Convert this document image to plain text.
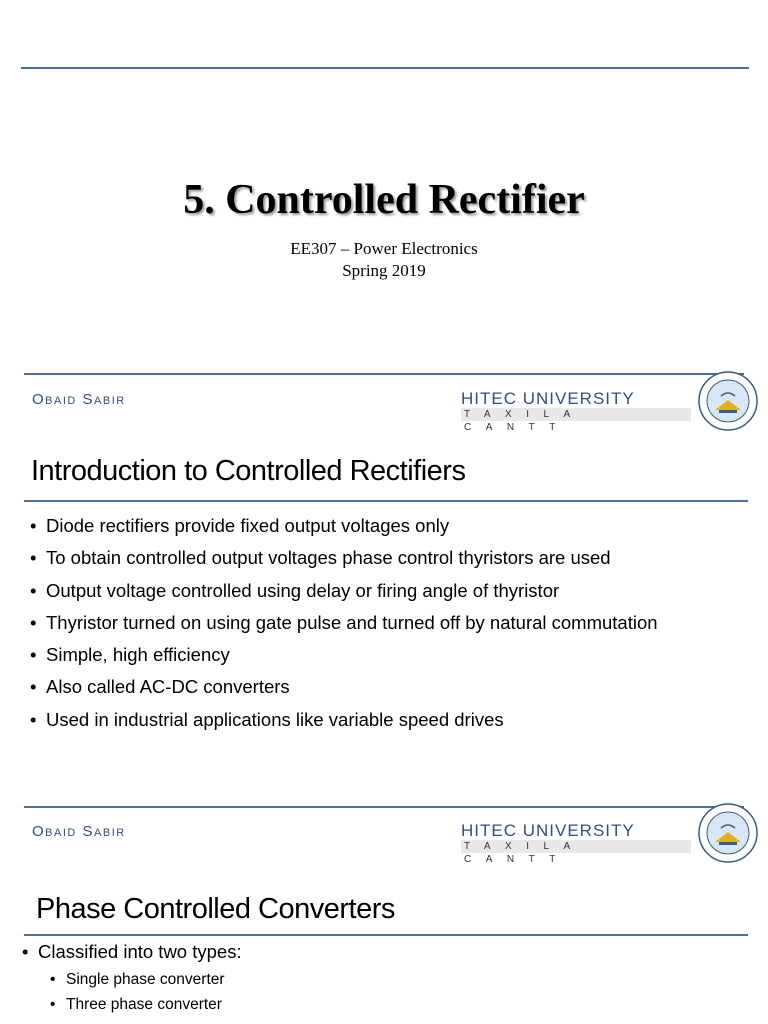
5. Controlled Rectifier
EE307 – Power Electronics
Spring 2019
Obaid Sabir	HITEC UNIVERSITY
TAXILA CANTT
Introduction to Controlled Rectifiers
• Diode rectifiers provide fixed output voltages only
• To obtain controlled output voltages phase control thyristors are used
• Output voltage controlled using delay or firing angle of thyristor
• Thyristor turned on using gate pulse and turned off by natural commutation
• Simple, high efficiency
• Also called AC-DC converters
• Used in industrial applications like variable speed drives
Obaid Sabir	HITEC UNIVERSITY
TAXILA CANTT
Phase Controlled Converters
• Classified into two types:
• Single phase converter
• Three phase converter
